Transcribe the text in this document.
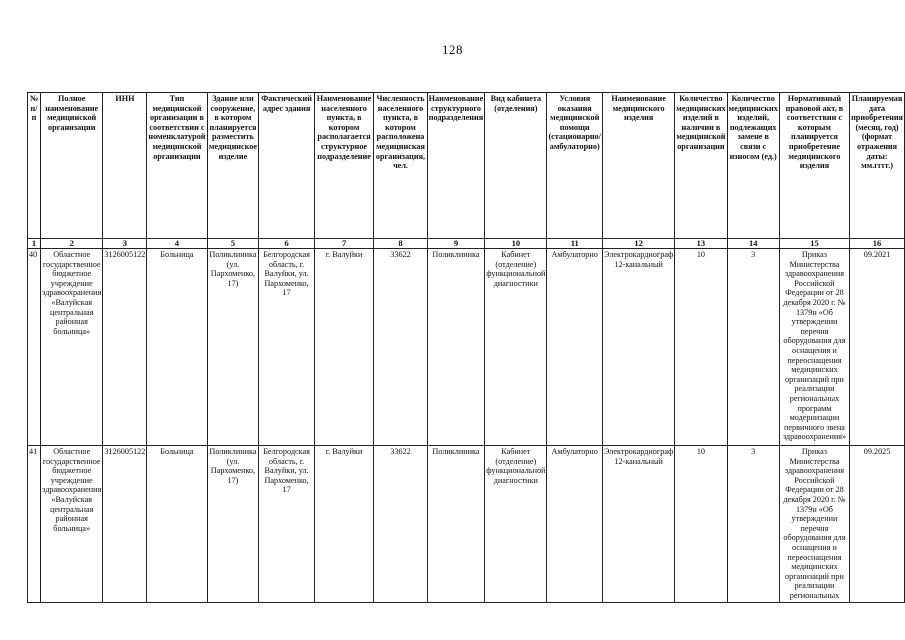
128
№ п/п	Полное наименование медицинской организации	ИНН	Тип медицинской организации в соответствии с номенклатурой медицинской организации	Здание или сооружение, в котором планируется разместить медицинское изделие	Фактический адрес здания	Наименование населенного пункта, в котором располагается структурное подразделение	Численность населенного пункта, в котором расположена медицинская организация, чел.	Наименование структурного подразделения	Вид кабинета (отделения)	Условия оказания медицинской помощи (стационарно/амбулаторно)	Наименование медицинского изделия	Количество медицинских изделий в наличии в медицинской организации	Количество медицинских изделий, подлежащих замене в связи с износом (ед.)	Нормативный правовой акт, в соответствии с которым планируется приобретение медицинского изделия	Планируемая дата приобретения (месяц, год) (формат отражения даты: мм.гггг.)
1	2	3	4	5	6	7	8	9	10	11	12	13	14	15	16
40	Областное государственное бюджетное учреждение здравоохранения «Валуйская центральная районная больница»	3126005122	Больница	Поликлиника (ул. Пархоменко, 17)	Белгородская область, г. Валуйки, ул. Пархоменко, 17	г. Валуйки	33622	Поликлиника	Кабинет (отделение) функциональной диагностики	Амбулаторно	Электрокардиограф 12-канальный	10	3	Приказ Министерства здравоохранения Российской Федерации от 28 декабря 2020 г. № 1379н «Об утверждении перечня оборудования для оснащения и переоснащения медицинских организаций при реализации региональных программ модернизации первичного звена здравоохранения»	09.2021
41	Областное государственное бюджетное учреждение здравоохранения «Валуйская центральная районная больница»	3126005122	Больница	Поликлиника (ул. Пархоменко, 17)	Белгородская область, г. Валуйки, ул. Пархоменко, 17	г. Валуйки	33622	Поликлиника	Кабинет (отделение) функциональной диагностики	Амбулаторно	Электрокардиограф 12-канальный	10	3	Приказ Министерства здравоохранения Российской Федерации от 28 декабря 2020 г. № 1379н «Об утверждении перечня оборудования для оснащения и переоснащения медицинских организаций при реализации региональных	09.2025
